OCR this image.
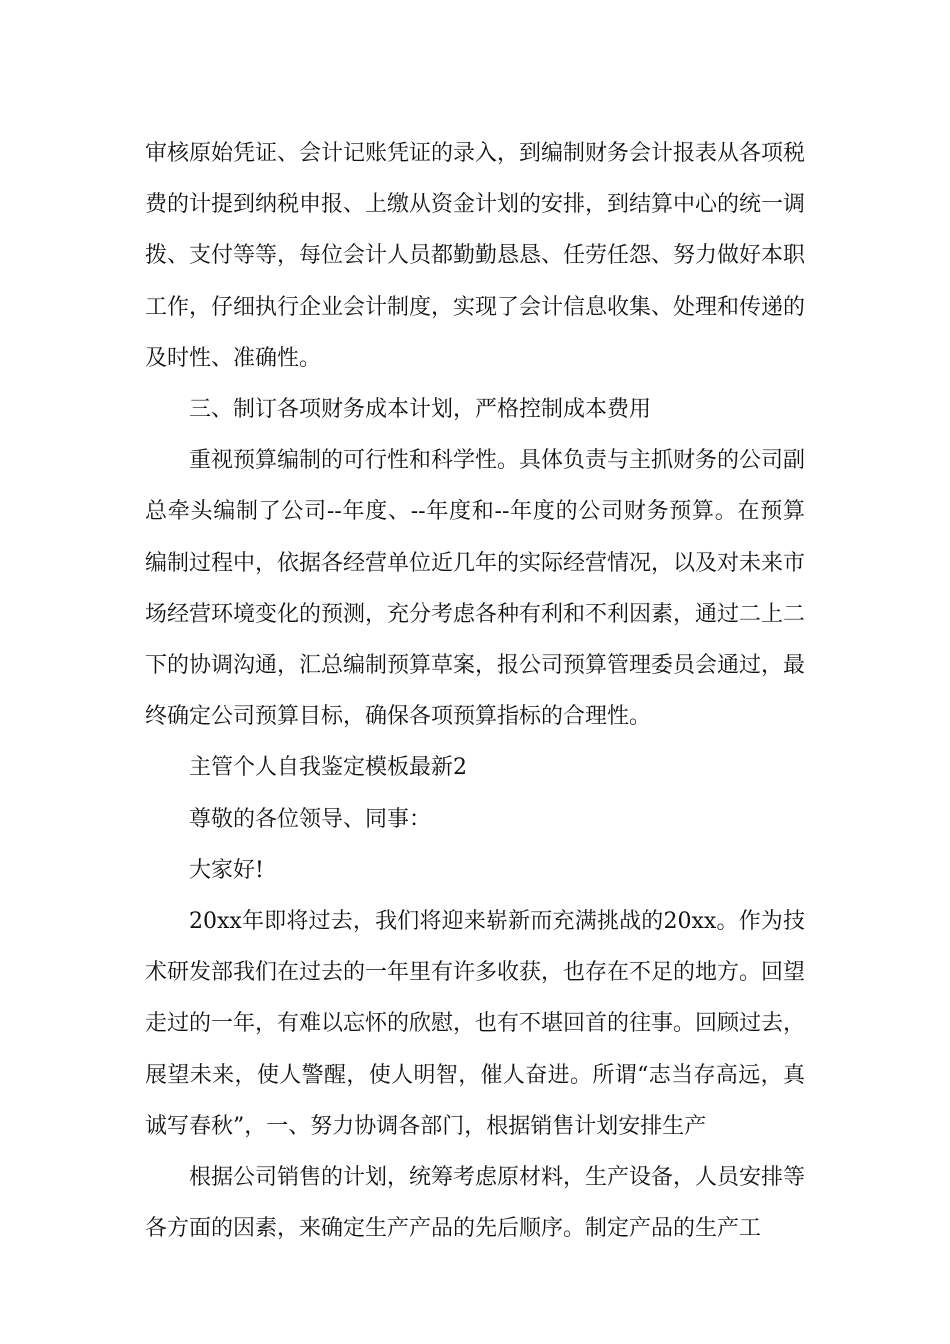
审核原始凭证、会计记账凭证的录入，到编制财务会计报表从各项税费的计提到纳税申报、上缴从资金计划的安排，到结算中心的统一调拨、支付等等，每位会计人员都勤勤恳恳、任劳任怨、努力做好本职工作，仔细执行企业会计制度，实现了会计信息收集、处理和传递的及时性、准确性。

三、制订各项财务成本计划，严格控制成本费用

重视预算编制的可行性和科学性。具体负责与主抓财务的公司副总牵头编制了公司--年度、--年度和--年度的公司财务预算。在预算编制过程中，依据各经营单位近几年的实际经营情况，以及对未来市场经营环境变化的预测，充分考虑各种有利和不利因素，通过二上二下的协调沟通，汇总编制预算草案，报公司预算管理委员会通过，最终确定公司预算目标，确保各项预算指标的合理性。

主管个人自我鉴定模板最新2

尊敬的各位领导、同事：

大家好!

20xx年即将过去，我们将迎来崭新而充满挑战的20xx。作为技术研发部我们在过去的一年里有许多收获，也存在不足的地方。回望走过的一年，有难以忘怀的欣慰，也有不堪回首的往事。回顾过去，展望未来，使人警醒，使人明智，催人奋进。所谓“志当存高远，真诚写春秋”，一、努力协调各部门，根据销售计划安排生产

根据公司销售的计划，统筹考虑原材料，生产设备，人员安排等各方面的因素，来确定生产产品的先后顺序。制定产品的生产工
